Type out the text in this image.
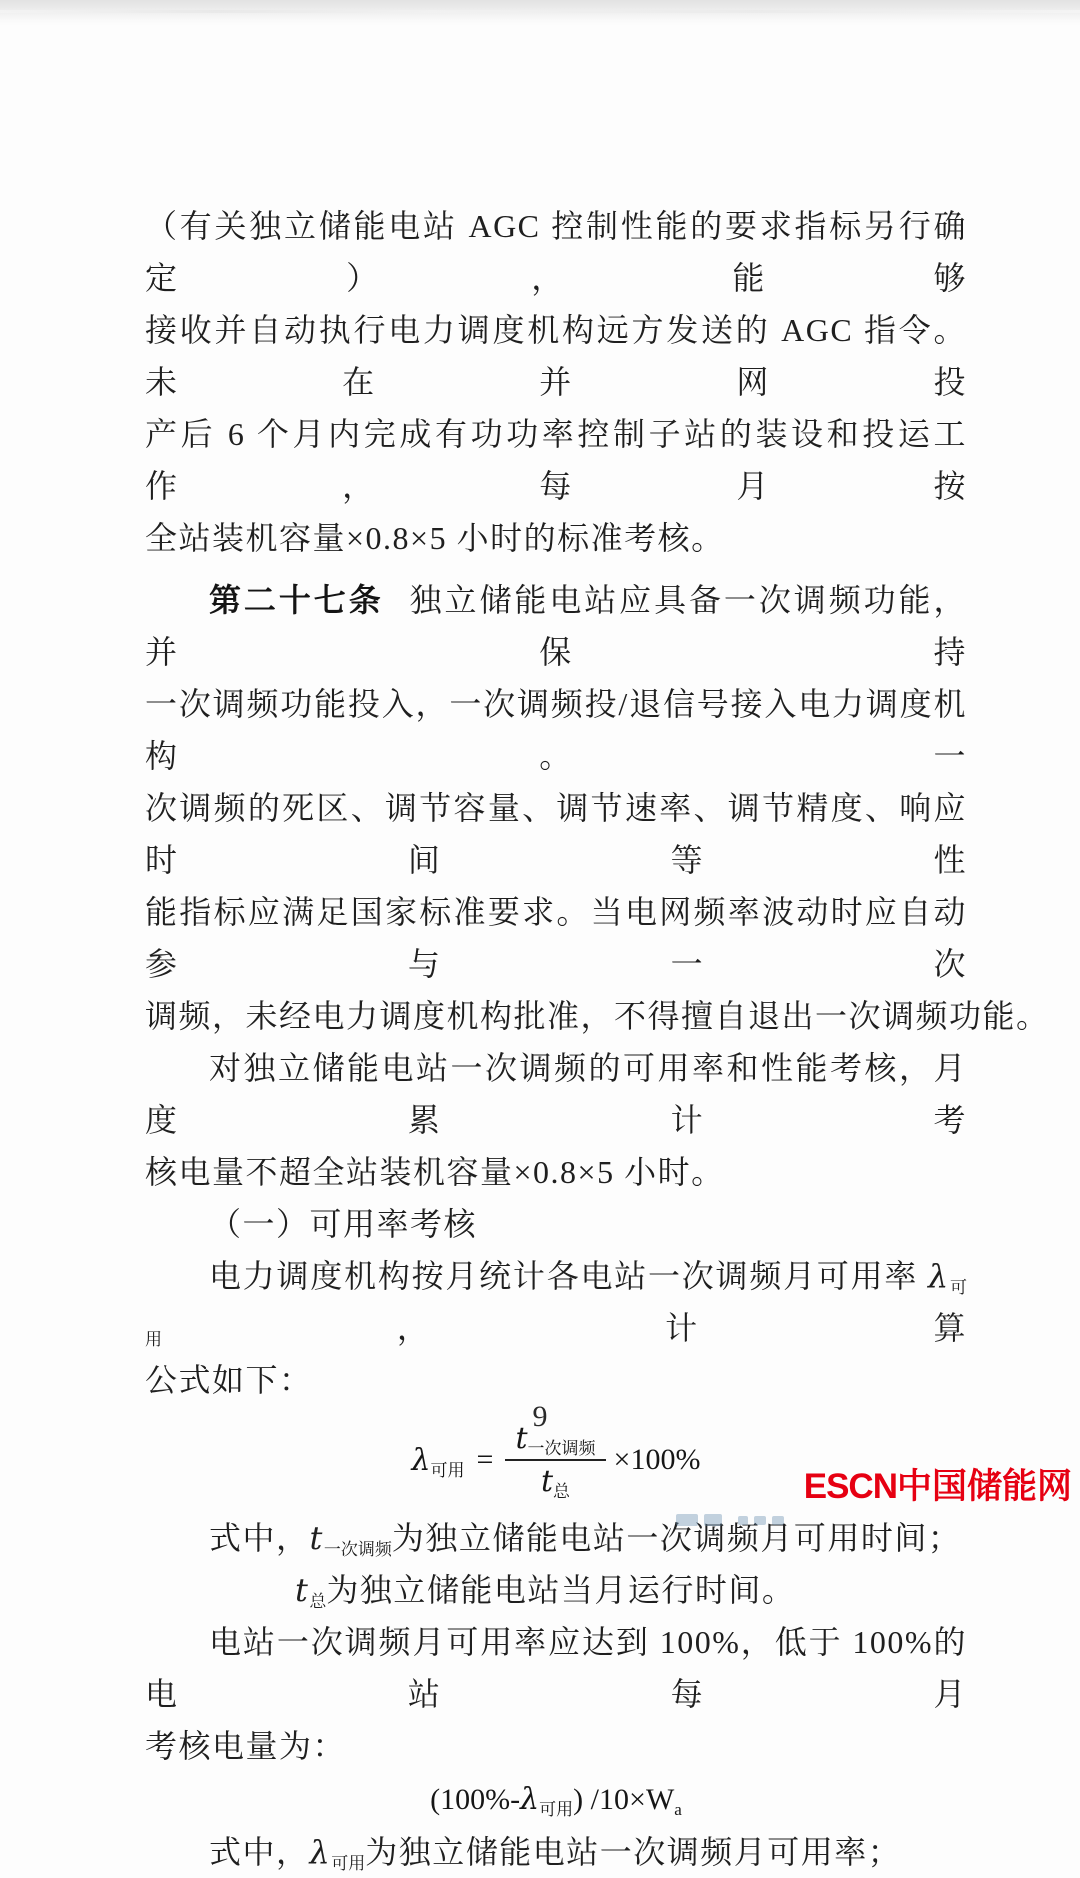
（有关独立储能电站 AGC 控制性能的要求指标另行确定），能够
接收并自动执行电力调度机构远方发送的 AGC 指令。未在并网投
产后 6 个月内完成有功功率控制子站的装设和投运工作，每月按
全站装机容量×0.8×5 小时的标准考核。
第二十七条 独立储能电站应具备一次调频功能，并保持
一次调频功能投入，一次调频投/退信号接入电力调度机构。一
次调频的死区、调节容量、调节速率、调节精度、响应时间等性
能指标应满足国家标准要求。当电网频率波动时应自动参与一次
调频，未经电力调度机构批准，不得擅自退出一次调频功能。
对独立储能电站一次调频的可用率和性能考核，月度累计考
核电量不超全站装机容量×0.8×5 小时。
（一）可用率考核
电力调度机构按月统计各电站一次调频月可用率 $\lambda_{可用}$，计算
公式如下：
$\lambda_{可用} = \frac{t_{一次调频}}{t_总} \times 100\%$
式中，$t_{一次调频}$为独立储能电站一次调频月可用时间；
$t_总$为独立储能电站当月运行时间。
电站一次调频月可用率应达到 100%，低于 100%的电站每月
考核电量为：
$(100\%-\lambda_{可用})$ $/10\times W_a$
式中，$\lambda_{可用}$为独立储能电站一次调频月可用率；
9
ESCN中国储能网
